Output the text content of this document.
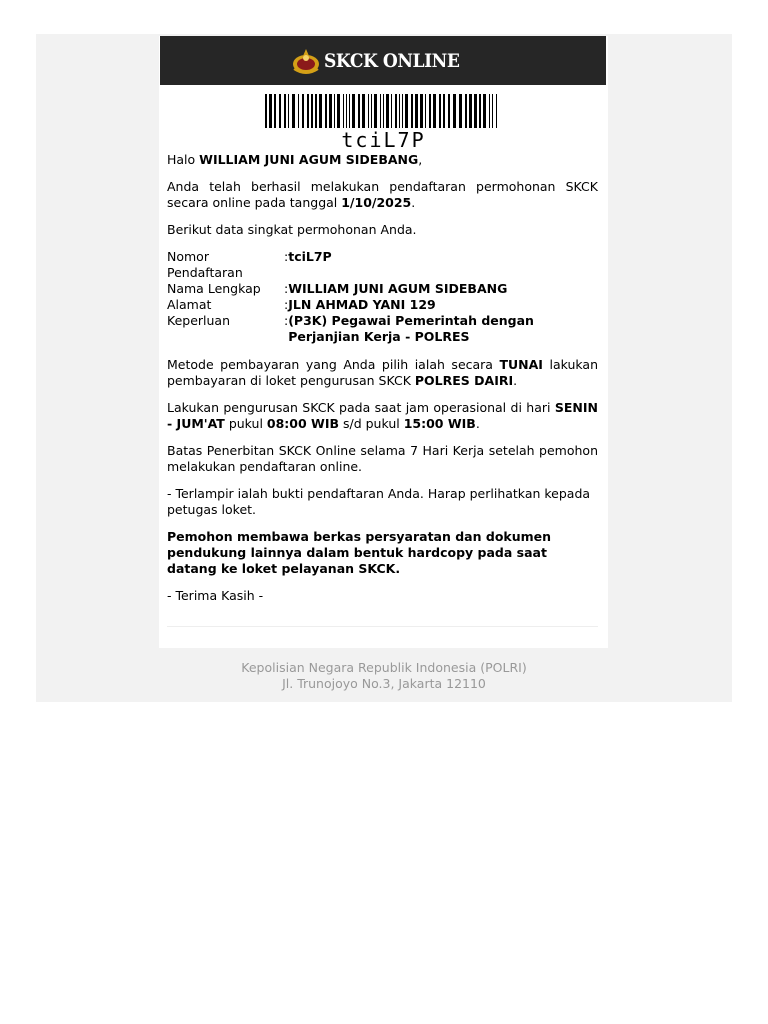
SKCK ONLINE
tciL7P

Halo WILLIAM JUNI AGUM SIDEBANG,

Anda telah berhasil melakukan pendaftaran permohonan SKCK secara online pada tanggal 1/10/2025.

Berikut data singkat permohonan Anda.

Nomor Pendaftaran	:	tciL7P
Nama Lengkap	:	WILLIAM JUNI AGUM SIDEBANG
Alamat	:	JLN AHMAD YANI 129
Keperluan	:	(P3K) Pegawai Pemerintah dengan Perjanjian Kerja - POLRES

Metode pembayaran yang Anda pilih ialah secara TUNAI lakukan pembayaran di loket pengurusan SKCK POLRES DAIRI.

Lakukan pengurusan SKCK pada saat jam operasional di hari SENIN - JUM'AT pukul 08:00 WIB s/d pukul 15:00 WIB.

Batas Penerbitan SKCK Online selama 7 Hari Kerja setelah pemohon melakukan pendaftaran online.

- Terlampir ialah bukti pendaftaran Anda. Harap perlihatkan kepada petugas loket.

Pemohon membawa berkas persyaratan dan dokumen pendukung lainnya dalam bentuk hardcopy pada saat datang ke loket pelayanan SKCK.

- Terima Kasih -

Kepolisian Negara Republik Indonesia (POLRI)
Jl. Trunojoyo No.3, Jakarta 12110
